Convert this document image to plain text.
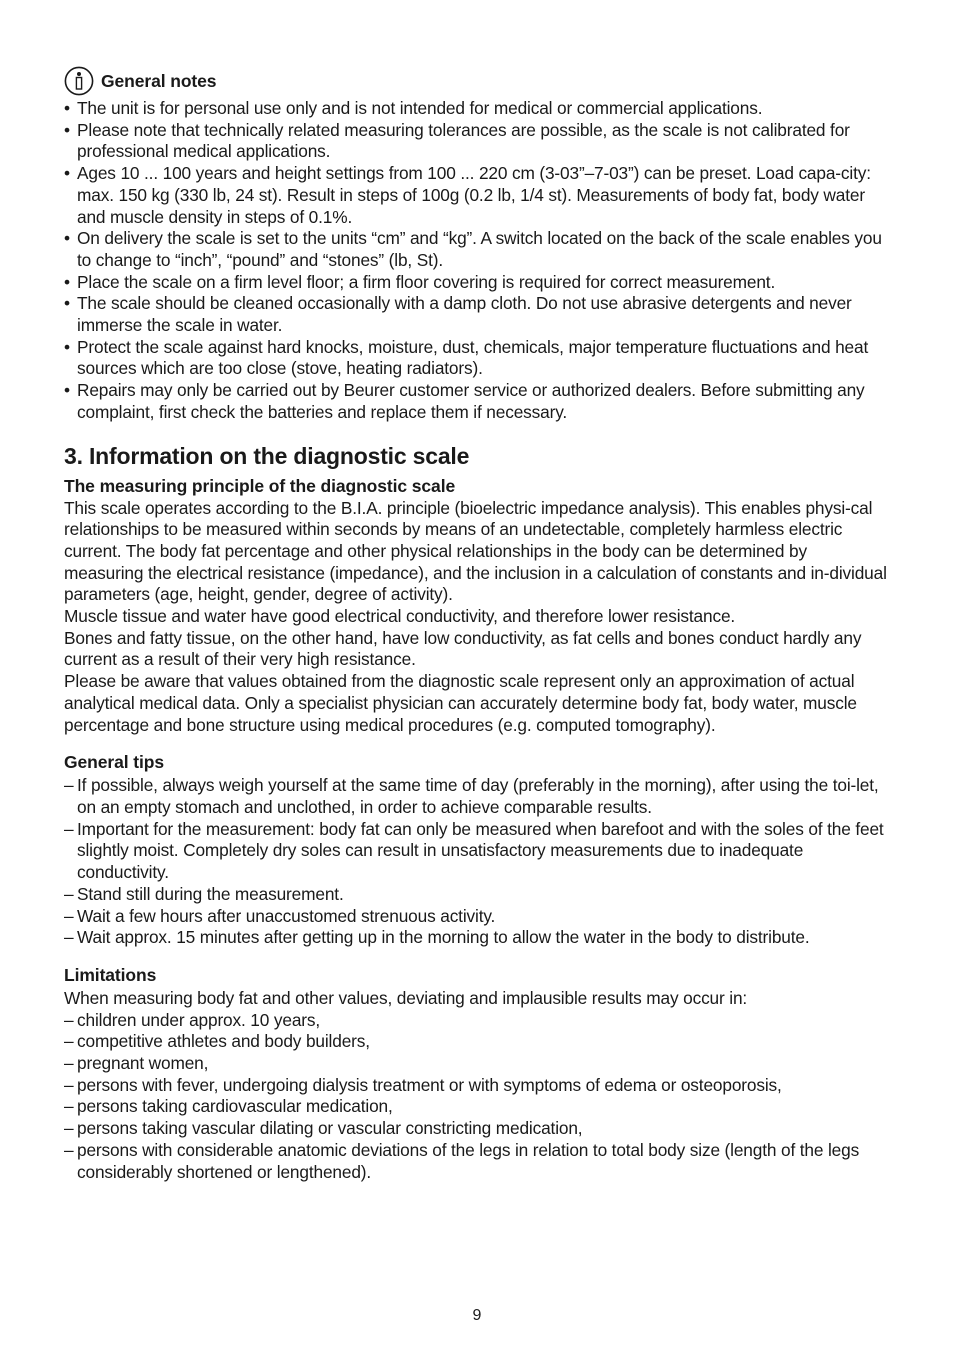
General notes
• The unit is for personal use only and is not intended for medical or commercial applications.
• Please note that technically related measuring tolerances are possible, as the scale is not calibrated for professional medical applications.
• Ages 10 ... 100 years and height settings from 100 ... 220 cm (3-03”–7-03”) can be preset. Load capa-city: max. 150 kg (330 lb, 24 st). Result in steps of 100g (0.2 lb, 1/4 st). Measurements of body fat, body water and muscle density in steps of 0.1%.
• On delivery the scale is set to the units “cm” and “kg”. A switch located on the back of the scale enables you to change to “inch”, “pound” and “stones” (lb, St).
• Place the scale on a firm level floor; a firm floor covering is required for correct measurement.
• The scale should be cleaned occasionally with a damp cloth. Do not use abrasive detergents and never immerse the scale in water.
• Protect the scale against hard knocks, moisture, dust, chemicals, major temperature fluctuations and heat sources which are too close (stove, heating radiators).
• Repairs may only be carried out by Beurer customer service or authorized dealers. Before submitting any complaint, first check the batteries and replace them if necessary.
3. Information on the diagnostic scale
The measuring principle of the diagnostic scale

This scale operates according to the B.I.A. principle (bioelectric impedance analysis). This enables physi-cal relationships to be measured within seconds by means of an undetectable, completely harmless electric current. The body fat percentage and other physical relationships in the body can be determined by measuring the electrical resistance (impedance), and the inclusion in a calculation of constants and in-dividual parameters (age, height, gender, degree of activity).

Muscle tissue and water have good electrical conductivity, and therefore lower resistance.

Bones and fatty tissue, on the other hand, have low conductivity, as fat cells and bones conduct hardly any current as a result of their very high resistance.

Please be aware that values obtained from the diagnostic scale represent only an approximation of actual analytical medical data. Only a specialist physician can accurately determine body fat, body water, muscle percentage and bone structure using medical procedures (e.g. computed tomography).

General tips
– If possible, always weigh yourself at the same time of day (preferably in the morning), after using the toi-let, on an empty stomach and unclothed, in order to achieve comparable results.
– Important for the measurement: body fat can only be measured when barefoot and with the soles of the feet slightly moist. Completely dry soles can result in unsatisfactory measurements due to inadequate conductivity.
– Stand still during the measurement.
– Wait a few hours after unaccustomed strenuous activity.
– Wait approx. 15 minutes after getting up in the morning to allow the water in the body to distribute.
Limitations

When measuring body fat and other values, deviating and implausible results may occur in:

– children under approx. 10 years,
– competitive athletes and body builders,
– pregnant women,
– persons with fever, undergoing dialysis treatment or with symptoms of edema or osteoporosis,
– persons taking cardiovascular medication,
– persons taking vascular dilating or vascular constricting medication,
– persons with considerable anatomic deviations of the legs in relation to total body size (length of the legs considerably shortened or lengthened).
9
